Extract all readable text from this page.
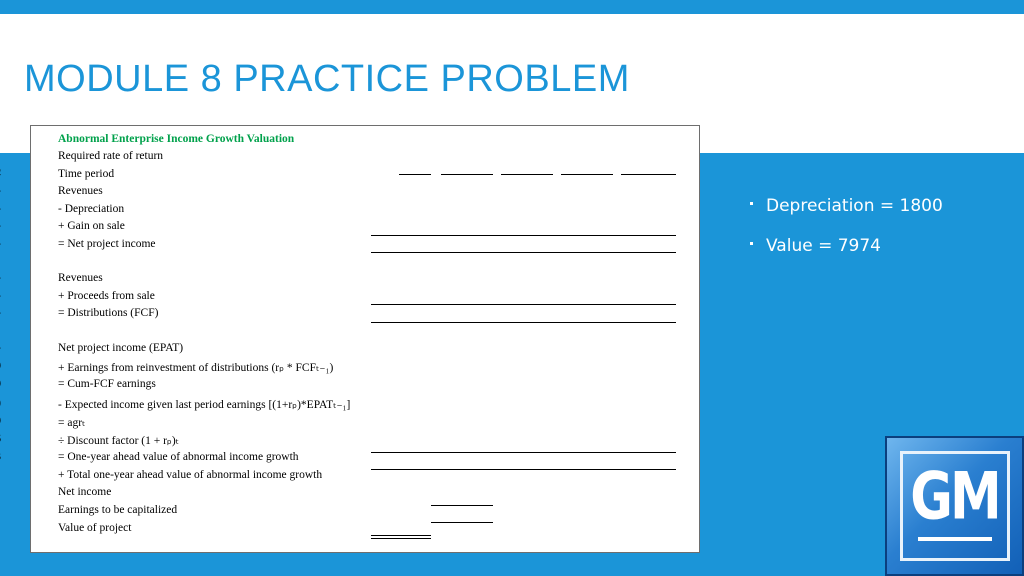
MODULE 8 PRACTICE PROBLEM
Abnormal Enterprise Income Growth Valuation
Required rate of return
Time period
Revenues
- Depreciation
+ Gain on sale
= Net project income
Revenues
+ Proceeds from sale
= Distributions (FCF)
Net project income (EPAT)
+ Earnings from reinvestment of distributions (rₚ * FCFₜ₋₁)
= Cum-FCF earnings
- Expected income given last period earnings [(1+rₚ)*EPATₜ₋₁]
= agrₜ
÷ Discount factor (1 + rₚ)ₜ
= One-year ahead value of abnormal income growth
+ Total one-year ahead value of abnormal income growth
Net income
Earnings to be capitalized
Value of project
Depreciation = 1800
Value = 7974
GM
